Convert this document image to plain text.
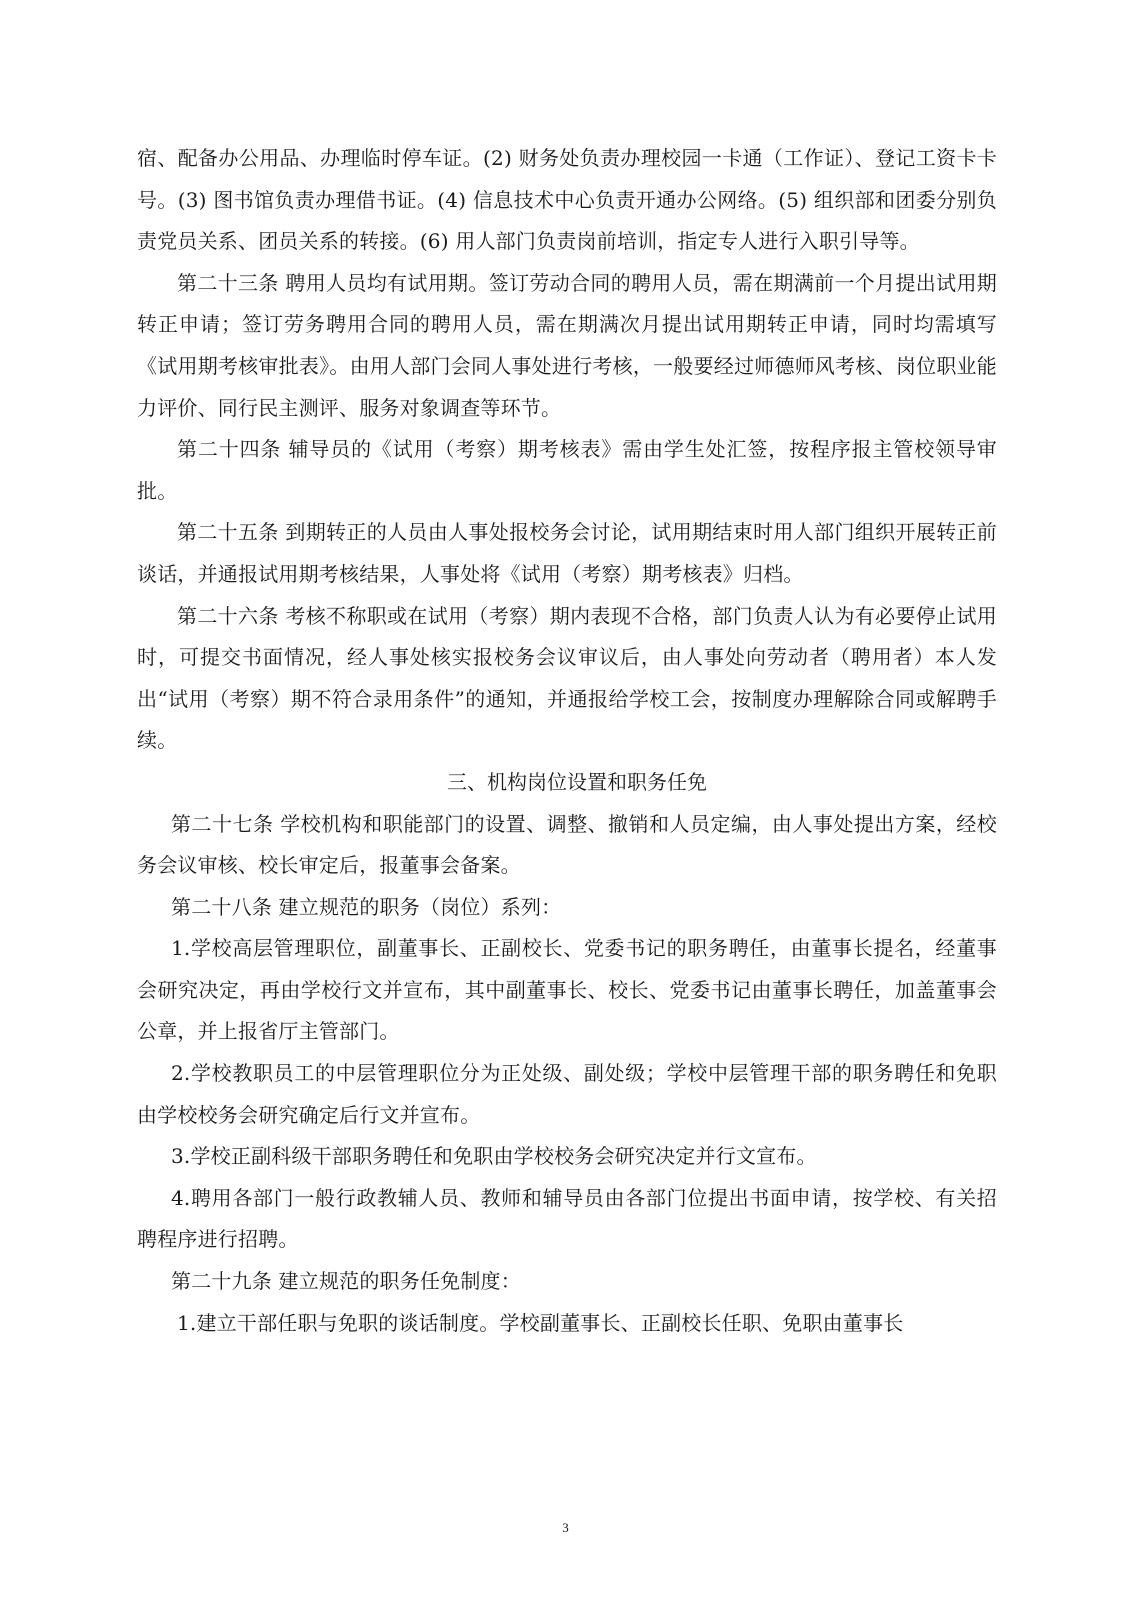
宿、配备办公用品、办理临时停车证。(2) 财务处负责办理校园一卡通（工作证）、登记工资卡卡号。(3) 图书馆负责办理借书证。(4) 信息技术中心负责开通办公网络。(5) 组织部和团委分别负责党员关系、团员关系的转接。(6) 用人部门负责岗前培训，指定专人进行入职引导等。

第二十三条 聘用人员均有试用期。签订劳动合同的聘用人员，需在期满前一个月提出试用期转正申请；签订劳务聘用合同的聘用人员，需在期满次月提出试用期转正申请，同时均需填写《试用期考核审批表》。由用人部门会同人事处进行考核，一般要经过师德师风考核、岗位职业能力评价、同行民主测评、服务对象调查等环节。

第二十四条 辅导员的《试用（考察）期考核表》需由学生处汇签，按程序报主管校领导审批。

第二十五条 到期转正的人员由人事处报校务会讨论，试用期结束时用人部门组织开展转正前谈话，并通报试用期考核结果，人事处将《试用（考察）期考核表》归档。

第二十六条 考核不称职或在试用（考察）期内表现不合格，部门负责人认为有必要停止试用时，可提交书面情况，经人事处核实报校务会议审议后，由人事处向劳动者（聘用者）本人发出“试用（考察）期不符合录用条件”的通知，并通报给学校工会，按制度办理解除合同或解聘手续。

三、机构岗位设置和职务任免

第二十七条 学校机构和职能部门的设置、调整、撤销和人员定编，由人事处提出方案，经校务会议审核、校长审定后，报董事会备案。

第二十八条 建立规范的职务（岗位）系列：

1.学校高层管理职位，副董事长、正副校长、党委书记的职务聘任，由董事长提名，经董事会研究决定，再由学校行文并宣布，其中副董事长、校长、党委书记由董事长聘任，加盖董事会公章，并上报省厅主管部门。

2.学校教职员工的中层管理职位分为正处级、副处级；学校中层管理干部的职务聘任和免职由学校校务会研究确定后行文并宣布。

3.学校正副科级干部职务聘任和免职由学校校务会研究决定并行文宣布。

4.聘用各部门一般行政教辅人员、教师和辅导员由各部门位提出书面申请，按学校、有关招聘程序进行招聘。

第二十九条 建立规范的职务任免制度：

1.建立干部任职与免职的谈话制度。学校副董事长、正副校长任职、免职由董事长

3
